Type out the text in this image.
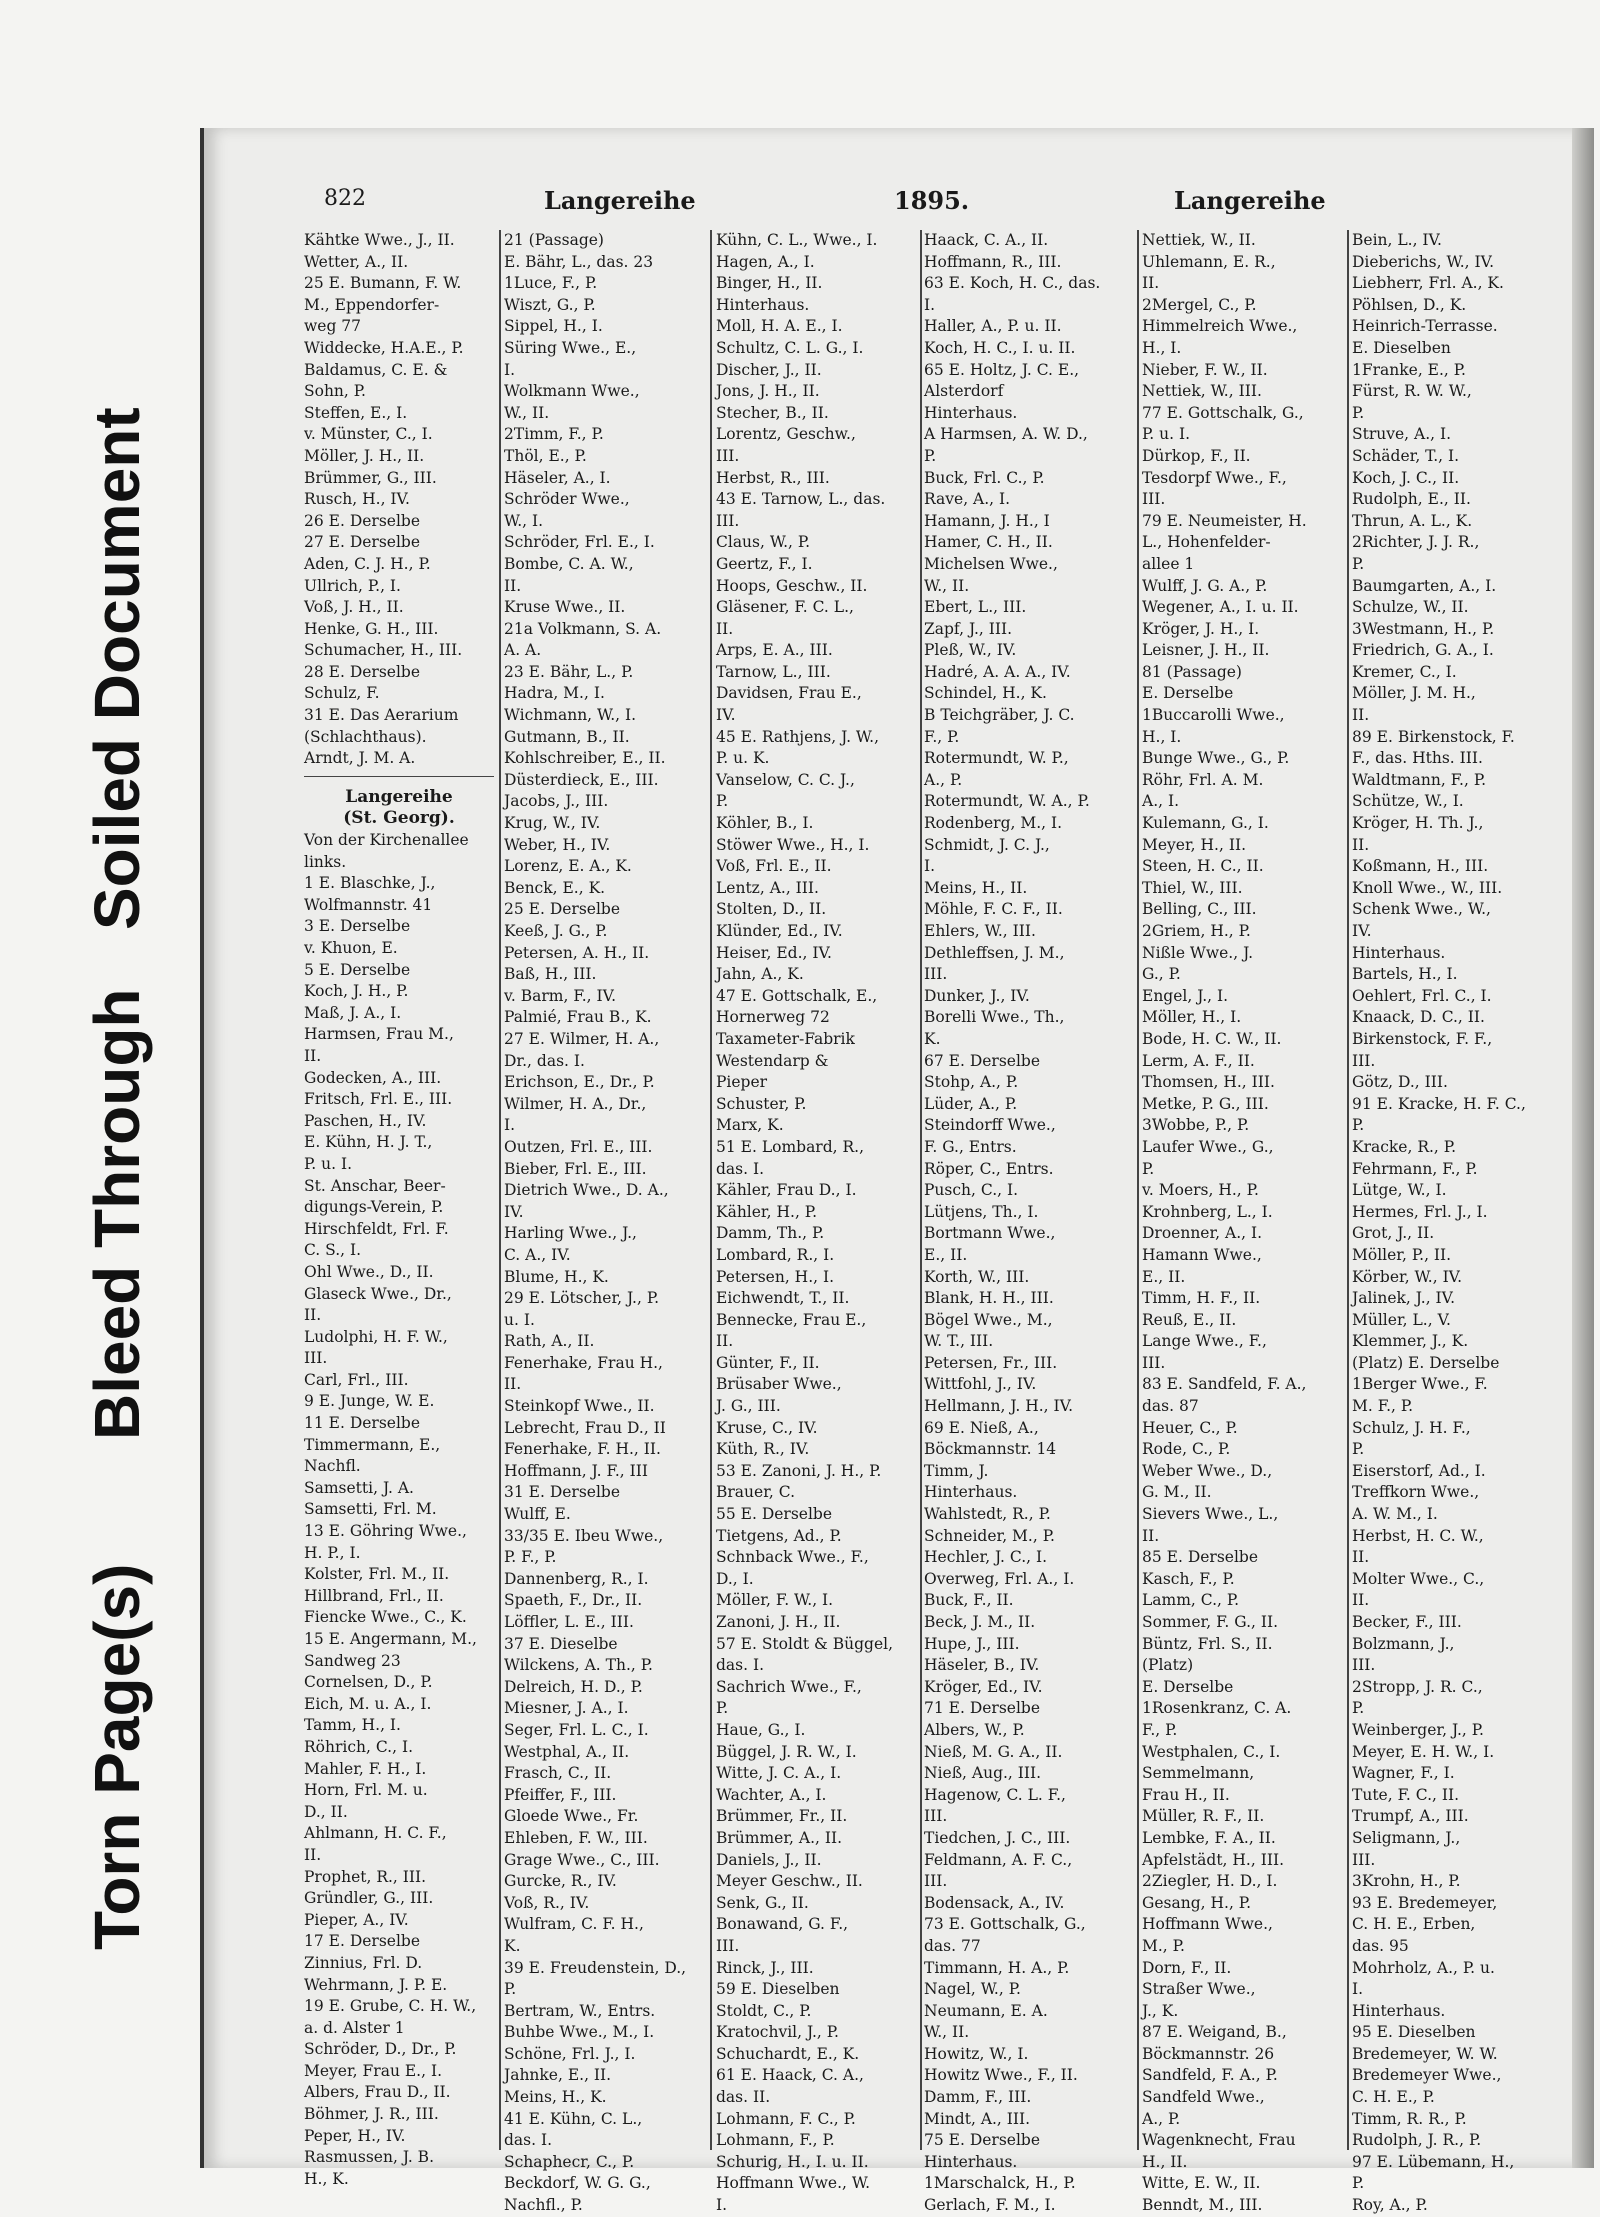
Soiled Document
Bleed Through
Torn Page(s)
822	Langereihe	1895.	Langereihe
Kähtke Wwe., J., II.
Wetter, A., II.
25 E. Bumann, F. W.
M., Eppendorfer-
weg 77
Widdecke, H.A.E., P.
Baldamus, C. E. &
Sohn, P.
Steffen, E., I.
v. Münster, C., I.
Möller, J. H., II.
Brümmer, G., III.
Rusch, H., IV.
26 E. Derselbe
27 E. Derselbe
Aden, C. J. H., P.
Ullrich, P., I.
Voß, J. H., II.
Henke, G. H., III.
Schumacher, H., III.
28 E. Derselbe
Schulz, F.
31 E. Das Aerarium
(Schlachthaus).
Arndt, J. M. A.
Langereihe
(St. Georg).
Von der Kirchenallee
links.
1 E. Blaschke, J.,
Wolfmannstr. 41
3 E. Derselbe
v. Khuon, E.
5 E. Derselbe
Koch, J. H., P.
Maß, J. A., I.
Harmsen, Frau M.,
II.
Godecken, A., III.
Fritsch, Frl. E., III.
Paschen, H., IV.
E. Kühn, H. J. T.,
P. u. I.
St. Anschar, Beer-
digungs-Verein, P.
Hirschfeldt, Frl. F.
C. S., I.
Ohl Wwe., D., II.
Glaseck Wwe., Dr.,
II.
Ludolphi, H. F. W.,
III.
Carl, Frl., III.
9 E. Junge, W. E.
11 E. Derselbe
Timmermann, E.,
Nachfl.
Samsetti, J. A.
Samsetti, Frl. M.
13 E. Göhring Wwe.,
H. P., I.
Kolster, Frl. M., II.
Hillbrand, Frl., II.
Fiencke Wwe., C., K.
15 E. Angermann, M.,
Sandweg 23
Cornelsen, D., P.
Eich, M. u. A., I.
Tamm, H., I.
Röhrich, C., I.
Mahler, F. H., I.
Horn, Frl. M. u.
D., II.
Ahlmann, H. C. F.,
II.
Prophet, R., III.
Gründler, G., III.
Pieper, A., IV.
17 E. Derselbe
Zinnius, Frl. D.
Wehrmann, J. P. E.
19 E. Grube, C. H. W.,
a. d. Alster 1
Schröder, D., Dr., P.
Meyer, Frau E., I.
Albers, Frau D., II.
Böhmer, J. R., III.
Peper, H., IV.
Rasmussen, J. B.
H., K.
21 (Passage)
E. Bähr, L., das. 23
1Luce, F., P.
Wiszt, G., P.
Sippel, H., I.
Süring Wwe., E.,
I.
Wolkmann Wwe.,
W., II.
2Timm, F., P.
Thöl, E., P.
Häseler, A., I.
Schröder Wwe.,
W., I.
Schröder, Frl. E., I.
Bombe, C. A. W.,
II.
Kruse Wwe., II.
21a Volkmann, S. A.
A. A.
23 E. Bähr, L., P.
Hadra, M., I.
Wichmann, W., I.
Gutmann, B., II.
Kohlschreiber, E., II.
Düsterdieck, E., III.
Jacobs, J., III.
Krug, W., IV.
Weber, H., IV.
Lorenz, E. A., K.
Benck, E., K.
25 E. Derselbe
Keeß, J. G., P.
Petersen, A. H., II.
Baß, H., III.
v. Barm, F., IV.
Palmié, Frau B., K.
27 E. Wilmer, H. A.,
Dr., das. I.
Erichson, E., Dr., P.
Wilmer, H. A., Dr.,
I.
Outzen, Frl. E., III.
Bieber, Frl. E., III.
Dietrich Wwe., D. A.,
IV.
Harling Wwe., J.,
C. A., IV.
Blume, H., K.
29 E. Lötscher, J., P.
u. I.
Rath, A., II.
Fenerhake, Frau H.,
II.
Steinkopf Wwe., II.
Lebrecht, Frau D., II
Fenerhake, F. H., II.
Hoffmann, J. F., III
31 E. Derselbe
Wulff, E.
33/35 E. Ibeu Wwe.,
P. F., P.
Dannenberg, R., I.
Spaeth, F., Dr., II.
Löffler, L. E., III.
37 E. Dieselbe
Wilckens, A. Th., P.
Delreich, H. D., P.
Miesner, J. A., I.
Seger, Frl. L. C., I.
Westphal, A., II.
Frasch, C., II.
Pfeiffer, F., III.
Gloede Wwe., Fr.
Ehleben, F. W., III.
Grage Wwe., C., III.
Gurcke, R., IV.
Voß, R., IV.
Wulfram, C. F. H.,
K.
39 E. Freudenstein, D.,
P.
Bertram, W., Entrs.
Buhbe Wwe., M., I.
Schöne, Frl. J., I.
Jahnke, E., II.
Meins, H., K.
41 E. Kühn, C. L.,
das. I.
Schaphecr, C., P.
Beckdorf, W. G. G.,
Nachfl., P.
Kühn, C. L., Wwe., I.
Hagen, A., I.
Binger, H., II.
Hinterhaus.
Moll, H. A. E., I.
Schultz, C. L. G., I.
Discher, J., II.
Jons, J. H., II.
Stecher, B., II.
Lorentz, Geschw.,
III.
Herbst, R., III.
43 E. Tarnow, L., das.
III.
Claus, W., P.
Geertz, F., I.
Hoops, Geschw., II.
Gläsener, F. C. L.,
II.
Arps, E. A., III.
Tarnow, L., III.
Davidsen, Frau E.,
IV.
45 E. Rathjens, J. W.,
P. u. K.
Vanselow, C. C. J.,
P.
Köhler, B., I.
Stöwer Wwe., H., I.
Voß, Frl. E., II.
Lentz, A., III.
Stolten, D., II.
Klünder, Ed., IV.
Heiser, Ed., IV.
Jahn, A., K.
47 E. Gottschalk, E.,
Hornerweg 72
Taxameter-Fabrik
Westendarp &
Pieper
Schuster, P.
Marx, K.
51 E. Lombard, R.,
das. I.
Kähler, Frau D., I.
Kähler, H., P.
Damm, Th., P.
Lombard, R., I.
Petersen, H., I.
Eichwendt, T., II.
Bennecke, Frau E.,
II.
Günter, F., II.
Brüsaber Wwe.,
J. G., III.
Kruse, C., IV.
Küth, R., IV.
53 E. Zanoni, J. H., P.
Brauer, C.
55 E. Derselbe
Tietgens, Ad., P.
Schnback Wwe., F.,
D., I.
Möller, F. W., I.
Zanoni, J. H., II.
57 E. Stoldt & Büggel,
das. I.
Sachrich Wwe., F.,
P.
Haue, G., I.
Büggel, J. R. W., I.
Witte, J. C. A., I.
Wachter, A., I.
Brümmer, Fr., II.
Brümmer, A., II.
Daniels, J., II.
Meyer Geschw., II.
Senk, G., II.
Bonawand, G. F.,
III.
Rinck, J., III.
59 E. Dieselben
Stoldt, C., P.
Kratochvil, J., P.
Schuchardt, E., K.
61 E. Haack, C. A.,
das. II.
Lohmann, F. C., P.
Lohmann, F., P.
Schurig, H., I. u. II.
Hoffmann Wwe., W.
I.
Haack, C. A., II.
Hoffmann, R., III.
63 E. Koch, H. C., das.
I.
Haller, A., P. u. II.
Koch, H. C., I. u. II.
65 E. Holtz, J. C. E.,
Alsterdorf
Hinterhaus.
A Harmsen, A. W. D.,
P.
Buck, Frl. C., P.
Rave, A., I.
Hamann, J. H., I
Hamer, C. H., II.
Michelsen Wwe.,
W., II.
Ebert, L., III.
Zapf, J., III.
Pleß, W., IV.
Hadré, A. A. A., IV.
Schindel, H., K.
B Teichgräber, J. C.
F., P.
Rotermundt, W. P.,
A., P.
Rotermundt, W. A., P.
Rodenberg, M., I.
Schmidt, J. C. J.,
I.
Meins, H., II.
Möhle, F. C. F., II.
Ehlers, W., III.
Dethleffsen, J. M.,
III.
Dunker, J., IV.
Borelli Wwe., Th.,
K.
67 E. Derselbe
Stohp, A., P.
Lüder, A., P.
Steindorff Wwe.,
F. G., Entrs.
Röper, C., Entrs.
Pusch, C., I.
Lütjens, Th., I.
Bortmann Wwe.,
E., II.
Korth, W., III.
Blank, H. H., III.
Bögel Wwe., M.,
W. T., III.
Petersen, Fr., III.
Wittfohl, J., IV.
Hellmann, J. H., IV.
69 E. Nieß, A.,
Böckmannstr. 14
Timm, J.
Hinterhaus.
Wahlstedt, R., P.
Schneider, M., P.
Hechler, J. C., I.
Overweg, Frl. A., I.
Buck, F., II.
Beck, J. M., II.
Hupe, J., III.
Häseler, B., IV.
Kröger, Ed., IV.
71 E. Derselbe
Albers, W., P.
Nieß, M. G. A., II.
Nieß, Aug., III.
Hagenow, C. L. F.,
III.
Tiedchen, J. C., III.
Feldmann, A. F. C.,
III.
Bodensack, A., IV.
73 E. Gottschalk, G.,
das. 77
Timmann, H. A., P.
Nagel, W., P.
Neumann, E. A.
W., II.
Howitz, W., I.
Howitz Wwe., F., II.
Damm, F., III.
Mindt, A., III.
75 E. Derselbe
Hinterhaus.
1Marschalck, H., P.
Gerlach, F. M., I.
Nettiek, W., II.
Uhlemann, E. R.,
II.
2Mergel, C., P.
Himmelreich Wwe.,
H., I.
Nieber, F. W., II.
Nettiek, W., III.
77 E. Gottschalk, G.,
P. u. I.
Dürkop, F., II.
Tesdorpf Wwe., F.,
III.
79 E. Neumeister, H.
L., Hohenfelder-
allee 1
Wulff, J. G. A., P.
Wegener, A., I. u. II.
Kröger, J. H., I.
Leisner, J. H., II.
81 (Passage)
E. Derselbe
1Buccarolli Wwe.,
H., I.
Bunge Wwe., G., P.
Röhr, Frl. A. M.
A., I.
Kulemann, G., I.
Meyer, H., II.
Steen, H. C., II.
Thiel, W., III.
Belling, C., III.
2Griem, H., P.
Nißle Wwe., J.
G., P.
Engel, J., I.
Möller, H., I.
Bode, H. C. W., II.
Lerm, A. F., II.
Thomsen, H., III.
Metke, P. G., III.
3Wobbe, P., P.
Laufer Wwe., G.,
P.
v. Moers, H., P.
Krohnberg, L., I.
Droenner, A., I.
Hamann Wwe.,
E., II.
Timm, H. F., II.
Reuß, E., II.
Lange Wwe., F.,
III.
83 E. Sandfeld, F. A.,
das. 87
Heuer, C., P.
Rode, C., P.
Weber Wwe., D.,
G. M., II.
Sievers Wwe., L.,
II.
85 E. Derselbe
Kasch, F., P.
Lamm, C., P.
Sommer, F. G., II.
Büntz, Frl. S., II.
(Platz)
E. Derselbe
1Rosenkranz, C. A.
F., P.
Westphalen, C., I.
Semmelmann,
Frau H., II.
Müller, R. F., II.
Lembke, F. A., II.
Apfelstädt, H., III.
2Ziegler, H. D., I.
Gesang, H., P.
Hoffmann Wwe.,
M., P.
Dorn, F., II.
Straßer Wwe.,
J., K.
87 E. Weigand, B.,
Böckmannstr. 26
Sandfeld, F. A., P.
Sandfeld Wwe.,
A., P.
Wagenknecht, Frau
H., II.
Witte, E. W., II.
Benndt, M., III.
Bein, L., IV.
Dieberichs, W., IV.
Liebherr, Frl. A., K.
Pöhlsen, D., K.
Heinrich-Terrasse.
E. Dieselben
1Franke, E., P.
Fürst, R. W. W.,
P.
Struve, A., I.
Schäder, T., I.
Koch, J. C., II.
Rudolph, E., II.
Thrun, A. L., K.
2Richter, J. J. R.,
P.
Baumgarten, A., I.
Schulze, W., II.
3Westmann, H., P.
Friedrich, G. A., I.
Kremer, C., I.
Möller, J. M. H.,
II.
89 E. Birkenstock, F.
F., das. Hths. III.
Waldtmann, F., P.
Schütze, W., I.
Kröger, H. Th. J.,
II.
Koßmann, H., III.
Knoll Wwe., W., III.
Schenk Wwe., W.,
IV.
Hinterhaus.
Bartels, H., I.
Oehlert, Frl. C., I.
Knaack, D. C., II.
Birkenstock, F. F.,
III.
Götz, D., III.
91 E. Kracke, H. F. C.,
P.
Kracke, R., P.
Fehrmann, F., P.
Lütge, W., I.
Hermes, Frl. J., I.
Grot, J., II.
Möller, P., II.
Körber, W., IV.
Jalinek, J., IV.
Müller, L., V.
Klemmer, J., K.
(Platz) E. Derselbe
1Berger Wwe., F.
M. F., P.
Schulz, J. H. F.,
P.
Eiserstorf, Ad., I.
Treffkorn Wwe.,
A. W. M., I.
Herbst, H. C. W.,
II.
Molter Wwe., C.,
II.
Becker, F., III.
Bolzmann, J.,
III.
2Stropp, J. R. C.,
P.
Weinberger, J., P.
Meyer, E. H. W., I.
Wagner, F., I.
Tute, F. C., II.
Trumpf, A., III.
Seligmann, J.,
III.
3Krohn, H., P.
93 E. Bredemeyer,
C. H. E., Erben,
das. 95
Mohrholz, A., P. u.
I.
Hinterhaus.
95 E. Dieselben
Bredemeyer, W. W.
Bredemeyer Wwe.,
C. H. E., P.
Timm, R. R., P.
Rudolph, J. R., P.
97 E. Lübemann, H.,
P.
Roy, A., P.
